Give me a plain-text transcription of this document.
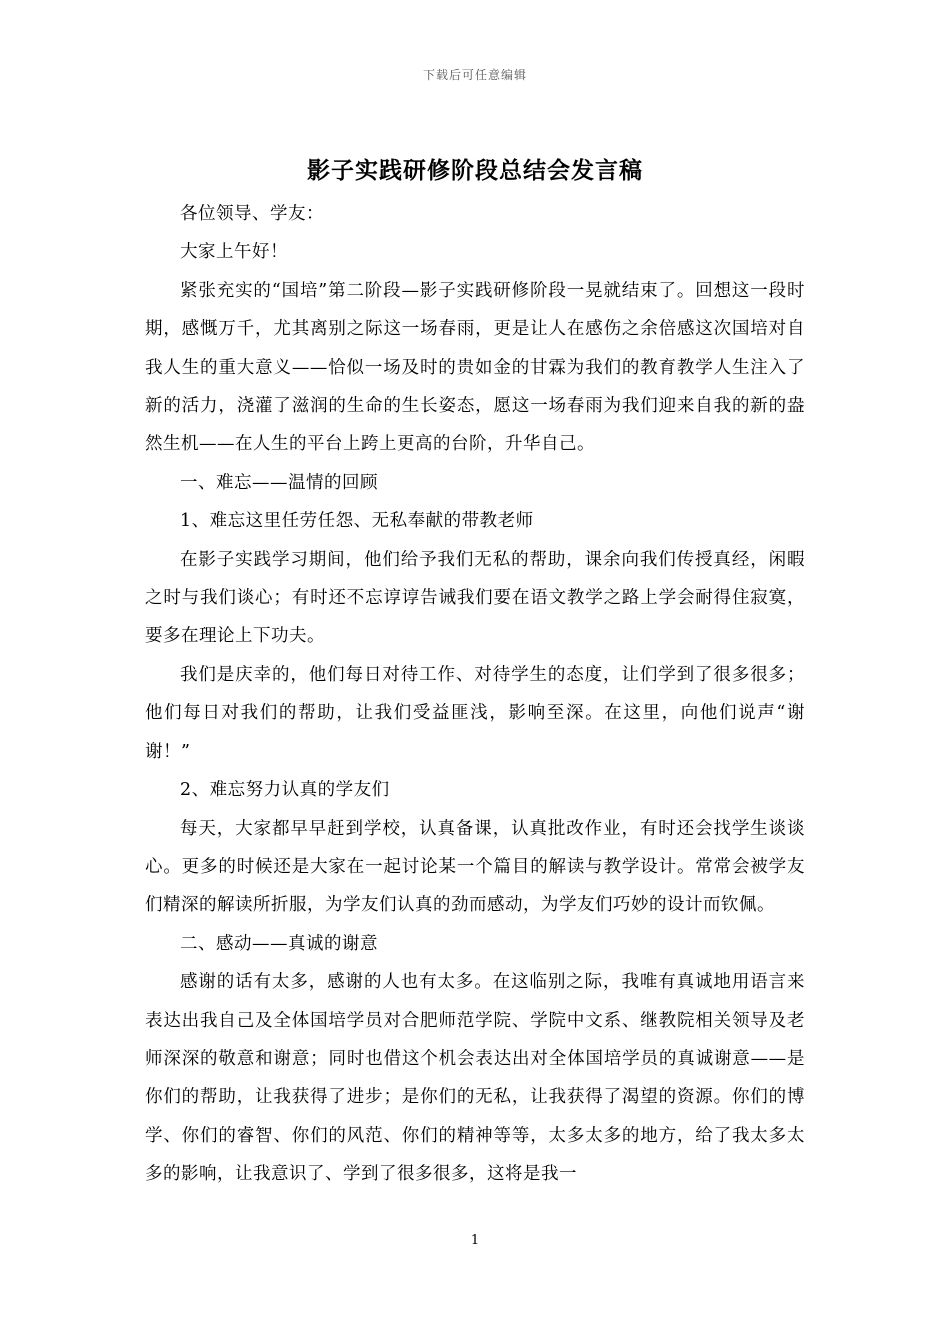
下载后可任意编辑
影子实践研修阶段总结会发言稿

各位领导、学友：

大家上午好！

紧张充实的“国培”第二阶段—影子实践研修阶段一晃就结束了。回想这一段时期，感慨万千，尤其离别之际这一场春雨，更是让人在感伤之余倍感这次国培对自我人生的重大意义——恰似一场及时的贵如金的甘霖为我们的教育教学人生注入了新的活力，浇灌了滋润的生命的生长姿态，愿这一场春雨为我们迎来自我的新的盎然生机——在人生的平台上跨上更高的台阶，升华自己。

一、难忘——温情的回顾

1、难忘这里任劳任怨、无私奉献的带教老师

在影子实践学习期间，他们给予我们无私的帮助，课余向我们传授真经，闲暇之时与我们谈心；有时还不忘谆谆告诫我们要在语文教学之路上学会耐得住寂寞，要多在理论上下功夫。

我们是庆幸的，他们每日对待工作、对待学生的态度，让们学到了很多很多；他们每日对我们的帮助，让我们受益匪浅，影响至深。在这里，向他们说声“谢谢！”

2、难忘努力认真的学友们

每天，大家都早早赶到学校，认真备课，认真批改作业，有时还会找学生谈谈心。更多的时候还是大家在一起讨论某一个篇目的解读与教学设计。常常会被学友们精深的解读所折服，为学友们认真的劲而感动，为学友们巧妙的设计而钦佩。

二、感动——真诚的谢意

感谢的话有太多，感谢的人也有太多。在这临别之际，我唯有真诚地用语言来表达出我自己及全体国培学员对合肥师范学院、学院中文系、继教院相关领导及老师深深的敬意和谢意；同时也借这个机会表达出对全体国培学员的真诚谢意——是你们的帮助，让我获得了进步；是你们的无私，让我获得了渴望的资源。你们的博学、你们的睿智、你们的风范、你们的精神等等，太多太多的地方，给了我太多太多的影响，让我意识了、学到了很多很多，这将是我一

1
